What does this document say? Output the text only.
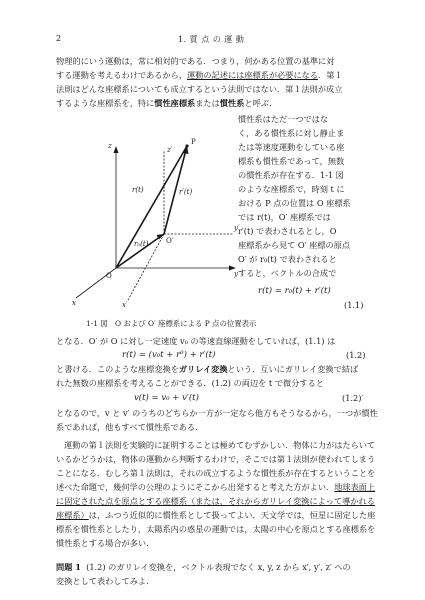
2	1. 質 点 の 運 動
物理的にいう運動は，常に相対的である．つまり，何かある位置の基準に対
する運動を考えるわけであるから，運動の記述には座標系が必要になる．第１
法則はどんな座標系についても成立するという法則ではない．第１法則が成立
するような座標系を，特に慣性座標系または慣性系と呼ぶ．
z	z′
y
y′
x	x′
O
O′
P
r(t)	r′(t)
r₀(t)
慣性系はただ一つではな
く，ある慣性系に対し静止ま
たは等速度運動をしている座
標系も慣性系であって，無数
の慣性系が存在する．1-1 図
のような座標系で，時刻 t に
おける P 点の位置は O 座標系
では r(t)，O′ 座標系では
r′(t) で表わされるとし，O
座標系から見て O′ 座標の原点
O′ が r₀(t) で表わされると
すると，ベクトルの合成で
r(t) = r₀(t) + r′(t)
(1.1)
1-1 図　O および O′ 座標系による P 点の位置表示
となる．O′ が O に対し一定速度 v₀ の等速直線運動をしていれば，(1.1) は
r(t) = (v₀t + r⁰) + r′(t)	(1.2)
と書ける．このような座標変換をガリレイ変換という．互いにガリレイ変換で結ば
れた無数の座標系を考えることができる．(1.2) の両辺を t で微分すると
v(t) = v₀ + v′(t)	(1.2)′
となるので，v と v′ のうちのどちらか一方が一定なら他方もそうなるから，一つが慣性
系であれば，他もすべて慣性系である．
運動の第１法則を実験的に証明することは極めてむずかしい．物体に力がはたらいて
いるかどうかは，物体の運動から判断するわけで，そこでは第１法則が使われてしまう
ことになる．むしろ第１法則は，それの成立するような慣性系が存在するということを
述べた命題で，幾何学の公理のようにそこから出発すると考えた方がよい．地球表面上
に固定された点を原点とする座標系（または，それからガリレイ変換によって導かれる
座標系）は，ふつう近似的に慣性系として扱ってよい．天文学では，恒星に固定した座
標系を慣性系としたり，太陽系内の惑星の運動では，太陽の中心を原点とする座標系を
慣性系とする場合が多い．
問題 1 (1.2) のガリレイ変換を，ベクトル表現でなく x, y, z から x′, y′, z′ への
変換として表わしてみよ．
